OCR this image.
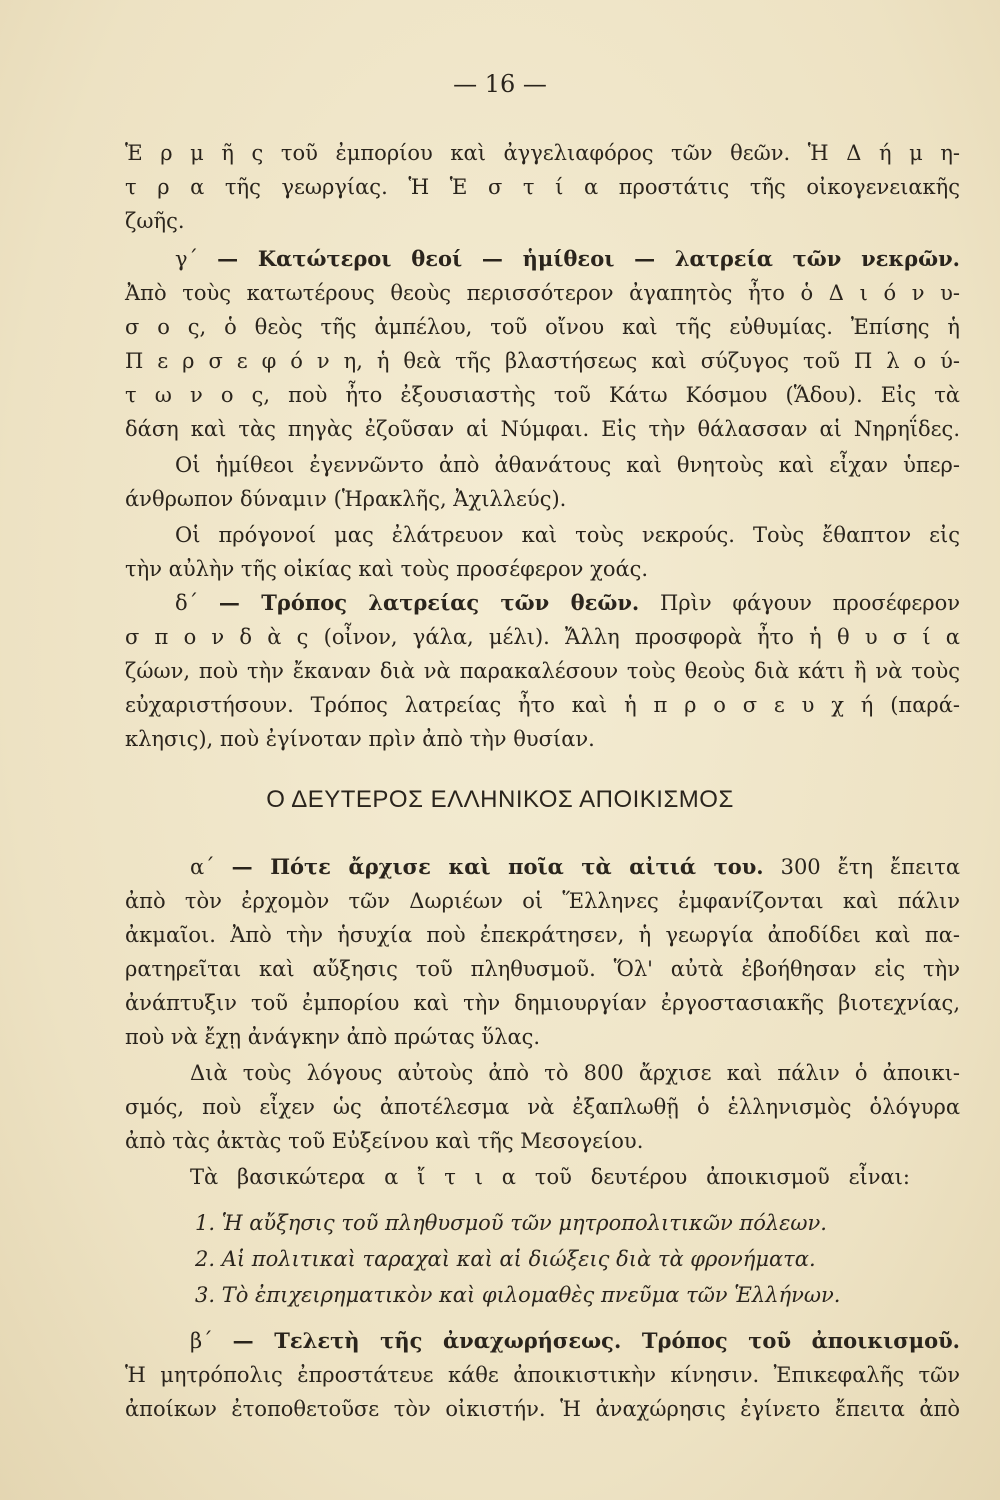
— 16 —
Ἑ ρ μ ῆ ς τοῦ ἐμπορίου καὶ ἀγγελιαφόρος τῶν θεῶν. Ἡ Δ ή μ η-
τ ρ α τῆς γεωργίας. Ἡ Ἑ σ τ ί α προστάτις τῆς οἰκογενειακῆς
ζωῆς.
γ΄ — Κατώτεροι θεοί — ἡμίθεοι — λατρεία τῶν νεκρῶν.
Ἀπὸ τοὺς κατωτέρους θεοὺς περισσότερον ἀγαπητὸς ἦτο ὁ Δ ι ό ν υ-
σ ο ς, ὁ θεὸς τῆς ἀμπέλου, τοῦ οἴνου καὶ τῆς εὐθυμίας. Ἐπίσης ἡ
Π ε ρ σ ε φ ό ν η, ἡ θεὰ τῆς βλαστήσεως καὶ σύζυγος τοῦ Π λ ο ύ-
τ ω ν ο ς, ποὺ ἦτο ἐξουσιαστὴς τοῦ Κάτω Κόσμου (Ἅδου). Εἰς τὰ
δάση καὶ τὰς πηγὰς ἐζοῦσαν αἱ Νύμφαι. Εἰς τὴν θάλασσαν αἱ Νηρηΐδες.
Οἱ ἡμίθεοι ἐγεννῶντο ἀπὸ ἀθανάτους καὶ θνητοὺς καὶ εἶχαν ὑπερ-
άνθρωπον δύναμιν (Ἡρακλῆς, Ἀχιλλεύς).
Οἱ πρόγονοί μας ἐλάτρευον καὶ τοὺς νεκρούς. Τοὺς ἔθαπτον εἰς
τὴν αὐλὴν τῆς οἰκίας καὶ τοὺς προσέφερον χοάς.
δ΄ — Τρόπος λατρείας τῶν θεῶν. Πρὶν φάγουν προσέφερον
σ π ο ν δ ὰ ς (οἶνον, γάλα, μέλι). Ἄλλη προσφορὰ ἦτο ἡ θ υ σ ί α
ζώων, ποὺ τὴν ἔκαναν διὰ νὰ παρακαλέσουν τοὺς θεοὺς διὰ κάτι ἢ νὰ τοὺς
εὐχαριστήσουν. Τρόπος λατρείας ἦτο καὶ ἡ π ρ ο σ ε υ χ ή (παρά-
κλησις), ποὺ ἐγίνοταν πρὶν ἀπὸ τὴν θυσίαν.
Ο ΔΕΥΤΕΡΟΣ ΕΛΛΗΝΙΚΟΣ ΑΠΟΙΚΙΣΜΟΣ
α΄ — Πότε ἄρχισε καὶ ποῖα τὰ αἰτιά του. 300 ἔτη ἔπειτα
ἀπὸ τὸν ἐρχομὸν τῶν Δωριέων οἱ Ἕλληνες ἐμφανίζονται καὶ πάλιν
ἀκμαῖοι. Ἀπὸ τὴν ἡσυχία ποὺ ἐπεκράτησεν, ἡ γεωργία ἀποδίδει καὶ πα-
ρατηρεῖται καὶ αὔξησις τοῦ πληθυσμοῦ. Ὅλ' αὐτὰ ἐβοήθησαν εἰς τὴν
ἀνάπτυξιν τοῦ ἐμπορίου καὶ τὴν δημιουργίαν ἐργοστασιακῆς βιοτεχνίας,
ποὺ νὰ ἔχῃ ἀνάγκην ἀπὸ πρώτας ὕλας.
Διὰ τοὺς λόγους αὐτοὺς ἀπὸ τὸ 800 ἄρχισε καὶ πάλιν ὁ ἀποικι-
σμός, ποὺ εἶχεν ὡς ἀποτέλεσμα νὰ ἐξαπλωθῇ ὁ ἑλληνισμὸς ὁλόγυρα
ἀπὸ τὰς ἀκτὰς τοῦ Εὐξείνου καὶ τῆς Μεσογείου.
Τὰ βασικώτερα α ἴ τ ι α τοῦ δευτέρου ἀποικισμοῦ εἶναι:
1. Ἡ αὔξησις τοῦ πληθυσμοῦ τῶν μητροπολιτικῶν πόλεων.
2. Αἱ πολιτικαὶ ταραχαὶ καὶ αἱ διώξεις διὰ τὰ φρονήματα.
3. Τὸ ἐπιχειρηματικὸν καὶ φιλομαθὲς πνεῦμα τῶν Ἑλλήνων.
β΄ — Τελετὴ τῆς ἀναχωρήσεως. Τρόπος τοῦ ἀποικισμοῦ.
Ἡ μητρόπολις ἐπροστάτευε κάθε ἀποικιστικὴν κίνησιν. Ἐπικεφαλῆς τῶν
ἀποίκων ἐτοποθετοῦσε τὸν οἰκιστήν. Ἡ ἀναχώρησις ἐγίνετο ἔπειτα ἀπὸ
